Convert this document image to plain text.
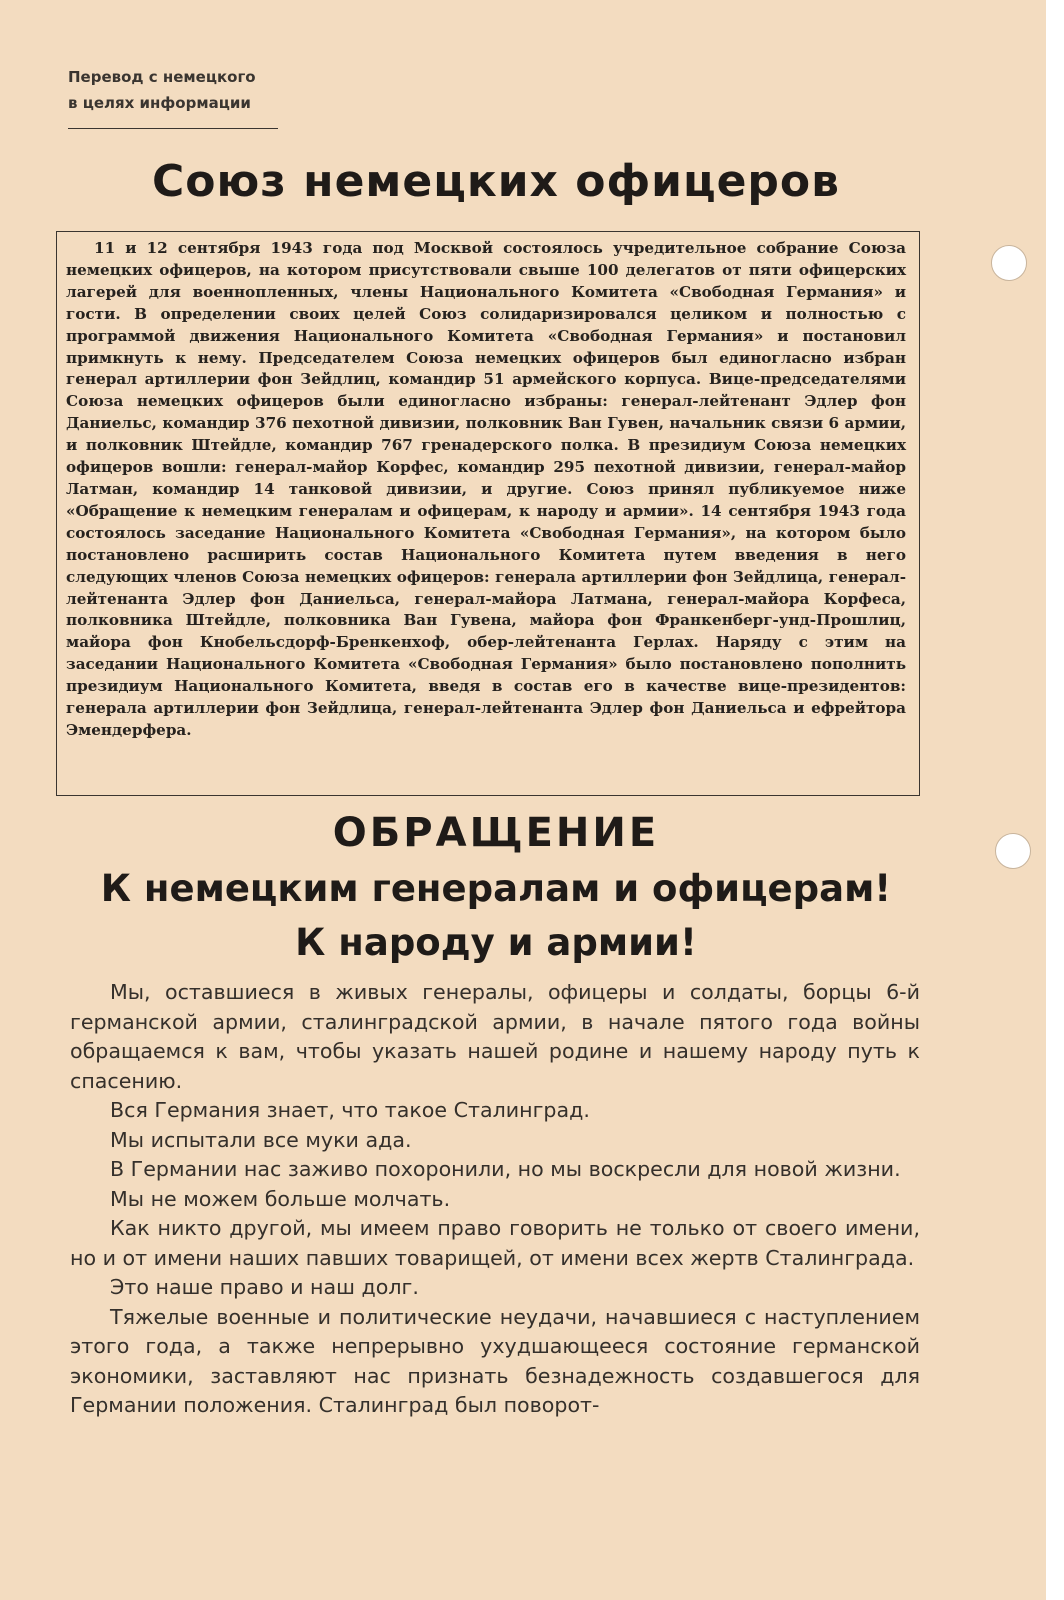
Перевод с немецкого
в целях информации
Союз немецких офицеров

11 и 12 сентября 1943 года под Москвой состоялось учредительное собрание Союза немецких офицеров, на котором присутствовали свыше 100 делегатов от пяти офицерских лагерей для военнопленных, члены Национального Комитета «Свободная Германия» и гости. В определении своих целей Союз солидаризировался целиком и полностью с программой движения Национального Комитета «Свободная Германия» и постановил примкнуть к нему. Председателем Союза немецких офицеров был единогласно избран генерал артиллерии фон Зейдлиц, командир 51 армейского корпуса. Вице-председателями Союза немецких офицеров были единогласно избраны: генерал-лейтенант Эдлер фон Даниельс, командир 376 пехотной дивизии, полковник Ван Гувен, начальник связи 6 армии, и полковник Штейдле, командир 767 гренадерского полка. В президиум Союза немецких офицеров вошли: генерал-майор Корфес, командир 295 пехотной дивизии, генерал-майор Латман, командир 14 танковой дивизии, и другие. Союз принял публикуемое ниже «Обращение к немецким генералам и офицерам, к народу и армии». 14 сентября 1943 года состоялось заседание Национального Комитета «Свободная Германия», на котором было постановлено расширить состав Национального Комитета путем введения в него следующих членов Союза немецких офицеров: генерала артиллерии фон Зейдлица, генерал-лейтенанта Эдлер фон Даниельса, генерал-майора Латмана, генерал-майора Корфеса, полковника Штейдле, полковника Ван Гувена, майора фон Франкенберг-унд-Прошлиц, майора фон Кнобельсдорф-Бренкенхоф, обер-лейтенанта Герлах. Наряду с этим на заседании Национального Комитета «Свободная Германия» было постановлено пополнить президиум Национального Комитета, введя в состав его в качестве вице-президентов: генерала артиллерии фон Зейдлица, генерал-лейтенанта Эдлер фон Даниельса и ефрейтора Эмендерфера.

ОБРАЩЕНИЕ
К немецким генералам и офицерам!
К народу и армии!

Мы, оставшиеся в живых генералы, офицеры и солдаты, борцы 6-й германской армии, сталинградской армии, в начале пятого года войны обращаемся к вам, чтобы указать нашей родине и нашему народу путь к спасению.

Вся Германия знает, что такое Сталинград.

Мы испытали все муки ада.

В Германии нас заживо похоронили, но мы воскресли для новой жизни.

Мы не можем больше молчать.

Как никто другой, мы имеем право говорить не только от своего имени, но и от имени наших павших товарищей, от имени всех жертв Сталинграда.

Это наше право и наш долг.

Тяжелые военные и политические неудачи, начавшиеся с наступлением этого года, а также непрерывно ухудшающееся состояние германской экономики, заставляют нас признать безнадежность создавшегося для Германии положения. Сталинград был поворот-
